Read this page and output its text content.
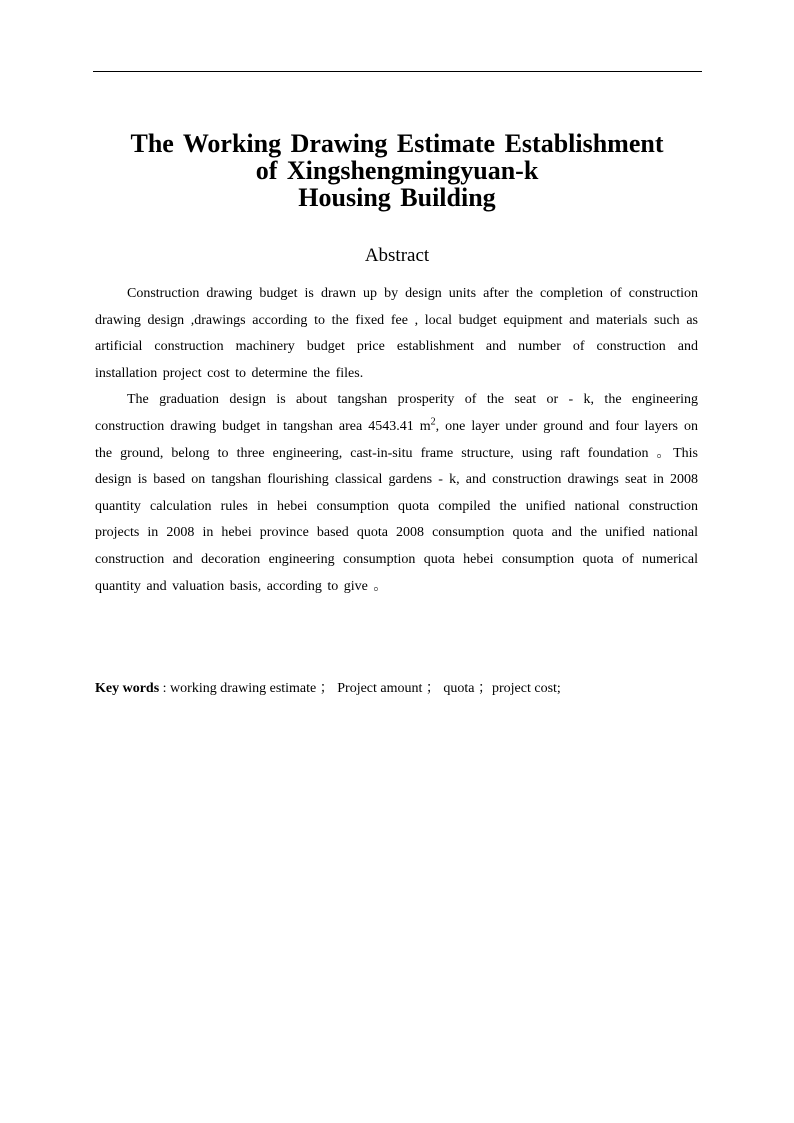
The Working Drawing Estimate Establishment
of Xingshengmingyuan-k
Housing Building
Abstract

Construction drawing budget is drawn up by design units after the completion of construction drawing design ,drawings according to the fixed fee , local budget equipment and materials such as artificial construction machinery budget price establishment and number of construction and installation project cost to determine the files.

The graduation design is about tangshan prosperity of the seat or - k, the engineering construction drawing budget in tangshan area 4543.41 $m^2$, one layer under ground and four layers on the ground, belong to three engineering, cast-in-situ frame structure, using raft foundation 。This design is based on tangshan flourishing classical gardens - k, and construction drawings seat in 2008 quantity calculation rules in hebei consumption quota compiled the unified national construction projects in 2008 in hebei province based quota 2008 consumption quota and the unified national construction and decoration engineering consumption quota hebei consumption quota of numerical quantity and valuation basis, according to give 。

Key words : working drawing estimate ； Project amount ； quota ；project cost;
